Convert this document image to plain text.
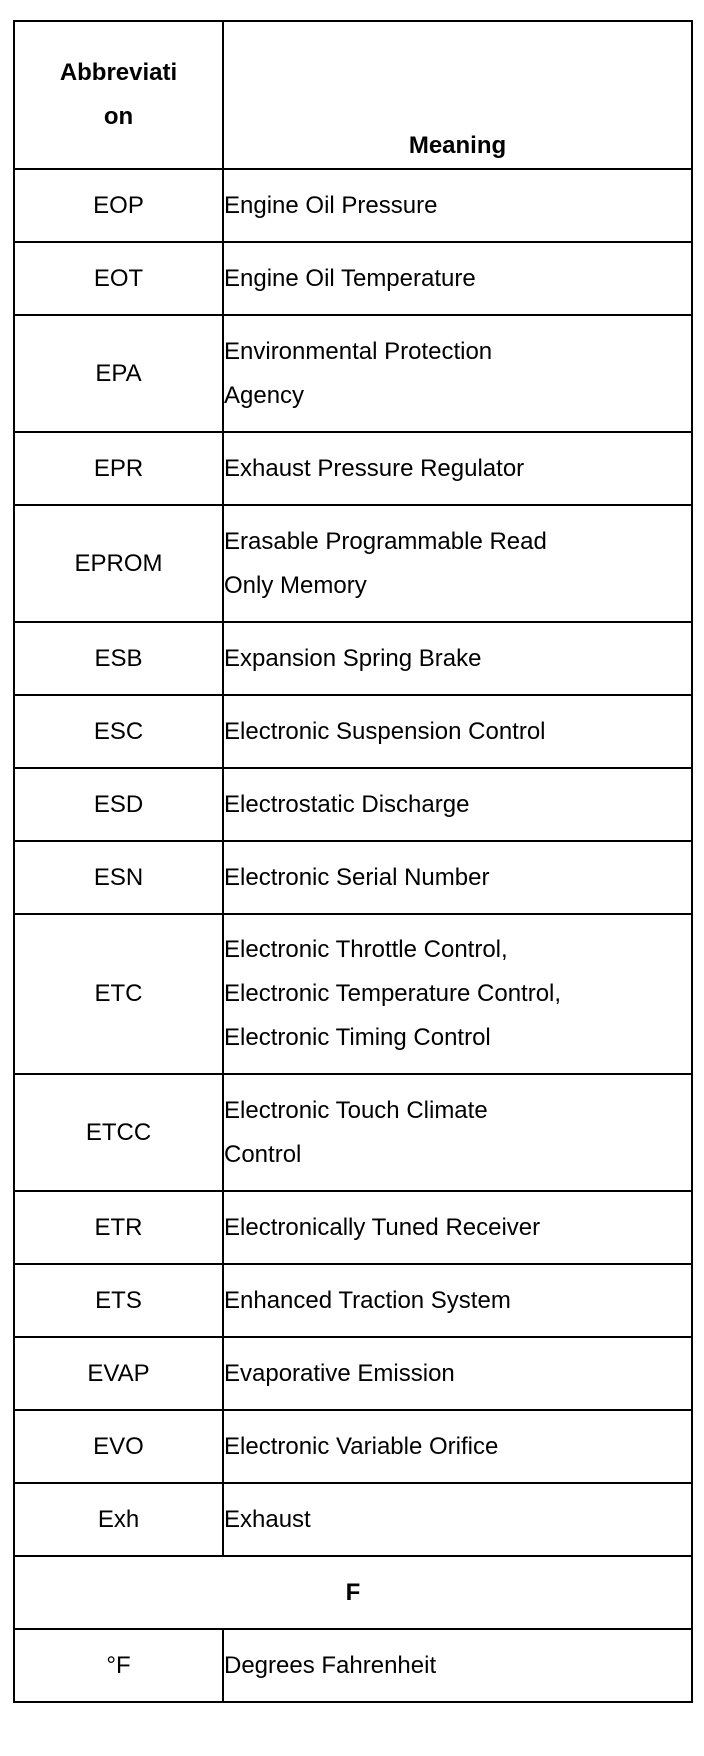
Abbreviati
on	Meaning
EOP	Engine Oil Pressure
EOT	Engine Oil Temperature
EPA	Environmental Protection
Agency
EPR	Exhaust Pressure Regulator
EPROM	Erasable Programmable Read
Only Memory
ESB	Expansion Spring Brake
ESC	Electronic Suspension Control
ESD	Electrostatic Discharge
ESN	Electronic Serial Number
ETC	Electronic Throttle Control,
Electronic Temperature Control,
Electronic Timing Control
ETCC	Electronic Touch Climate
Control
ETR	Electronically Tuned Receiver
ETS	Enhanced Traction System
EVAP	Evaporative Emission
EVO	Electronic Variable Orifice
Exh	Exhaust
F	
°F	Degrees Fahrenheit
